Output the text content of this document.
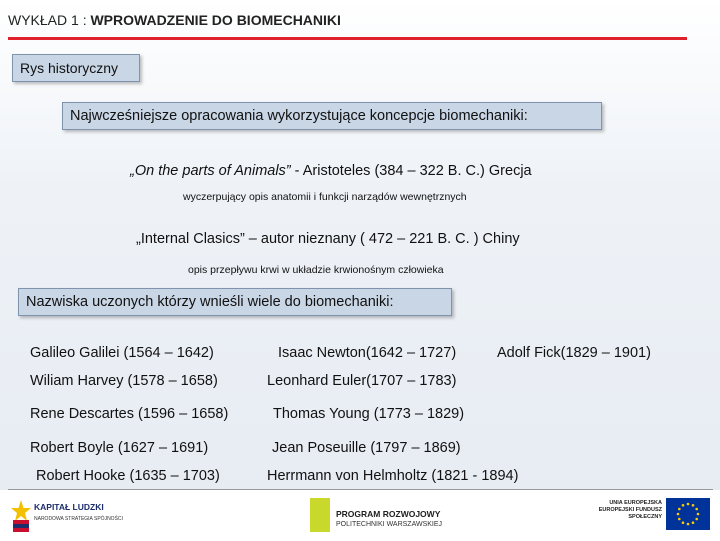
WYKŁAD 1 : WPROWADZENIE DO BIOMECHANIKI
Rys historyczny
Najwcześniejsze opracowania wykorzystujące koncepcje biomechaniki:
„On the parts of Animals” - Aristoteles (384 – 322 B. C.) Grecja
wyczerpujący opis anatomii i funkcji narządów wewnętrznych
„Internal Clasics” – autor nieznany ( 472 – 221 B. C. ) Chiny
opis przepływu krwi w układzie krwionośnym człowieka
Nazwiska uczonych którzy wnieśli wiele do biomechaniki:
Galileo Galilei (1564 – 1642)	Isaac Newton(1642 – 1727)	Adolf Fick(1829 – 1901)
Wiliam Harvey (1578 – 1658)	Leonhard Euler(1707 – 1783)
Rene Descartes (1596 – 1658)	Thomas Young (1773 – 1829)
Robert Boyle (1627 – 1691)	Jean Poseuille (1797 – 1869)
Robert Hooke (1635 – 1703)	Herrmann von Helmholtz (1821 - 1894)
KAPITAŁ LUDZKI
NARODOWA STRATEGIA SPÓJNOŚCI	PROGRAM ROZWOJOWY
POLITECHNIKI WARSZAWSKIEJ
UNIA EUROPEJSKA EUROPEJSKI FUNDUSZ SPOŁECZNY
